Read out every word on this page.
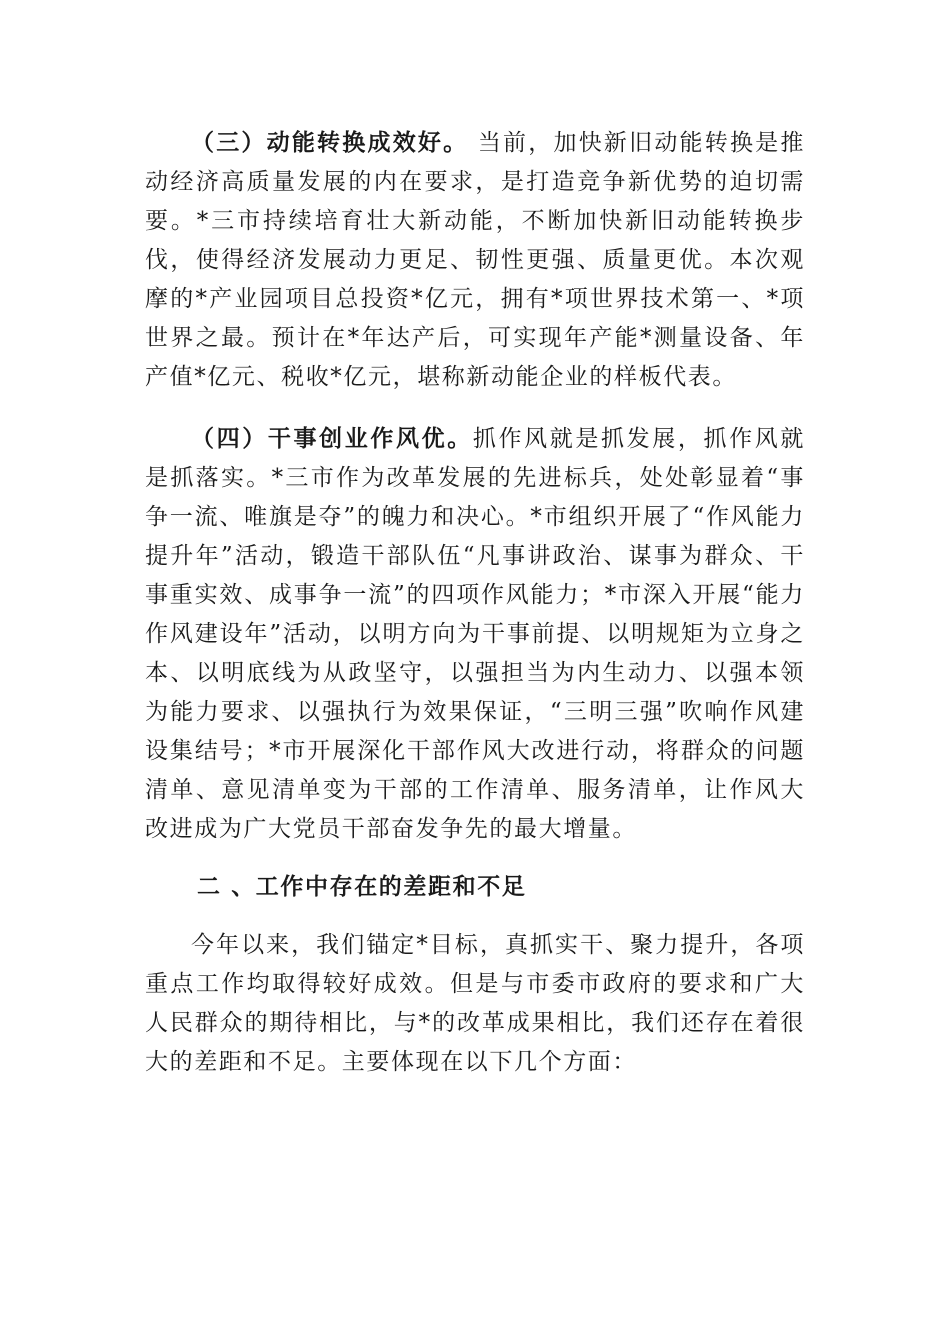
（三）动能转换成效好。 当前，加快新旧动能转换是推动经济高质量发展的内在要求，是打造竞争新优势的迫切需要。*三市持续培育壮大新动能，不断加快新旧动能转换步伐，使得经济发展动力更足、韧性更强、质量更优。本次观摩的*产业园项目总投资*亿元，拥有*项世界技术第一、*项世界之最。预计在*年达产后，可实现年产能*测量设备、年产值*亿元、税收*亿元，堪称新动能企业的样板代表。

（四）干事创业作风优。抓作风就是抓发展，抓作风就是抓落实。*三市作为改革发展的先进标兵，处处彰显着“事争一流、唯旗是夺”的魄力和决心。*市组织开展了“作风能力提升年”活动，锻造干部队伍“凡事讲政治、谋事为群众、干事重实效、成事争一流”的四项作风能力；*市深入开展“能力作风建设年”活动，以明方向为干事前提、以明规矩为立身之本、以明底线为从政坚守，以强担当为内生动力、以强本领为能力要求、以强执行为效果保证，“三明三强”吹响作风建设集结号；*市开展深化干部作风大改进行动，将群众的问题清单、意见清单变为干部的工作清单、服务清单，让作风大改进成为广大党员干部奋发争先的最大增量。

二 、工作中存在的差距和不足

今年以来，我们锚定*目标，真抓实干、聚力提升，各项重点工作均取得较好成效。但是与市委市政府的要求和广大人民群众的期待相比，与*的改革成果相比，我们还存在着很大的差距和不足。主要体现在以下几个方面：
